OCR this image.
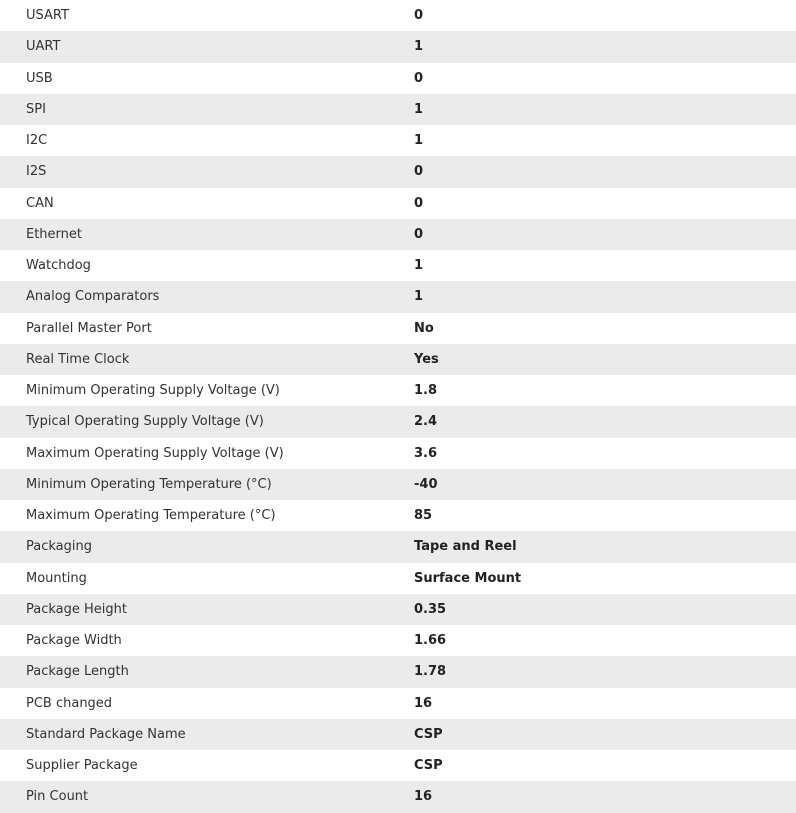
USART	0
UART	1
USB	0
SPI	1
I2C	1
I2S	0
CAN	0
Ethernet	0
Watchdog	1
Analog Comparators	1
Parallel Master Port	No
Real Time Clock	Yes
Minimum Operating Supply Voltage (V)	1.8
Typical Operating Supply Voltage (V)	2.4
Maximum Operating Supply Voltage (V)	3.6
Minimum Operating Temperature (°C)	-40
Maximum Operating Temperature (°C)	85
Packaging	Tape and Reel
Mounting	Surface Mount
Package Height	0.35
Package Width	1.66
Package Length	1.78
PCB changed	16
Standard Package Name	CSP
Supplier Package	CSP
Pin Count	16
